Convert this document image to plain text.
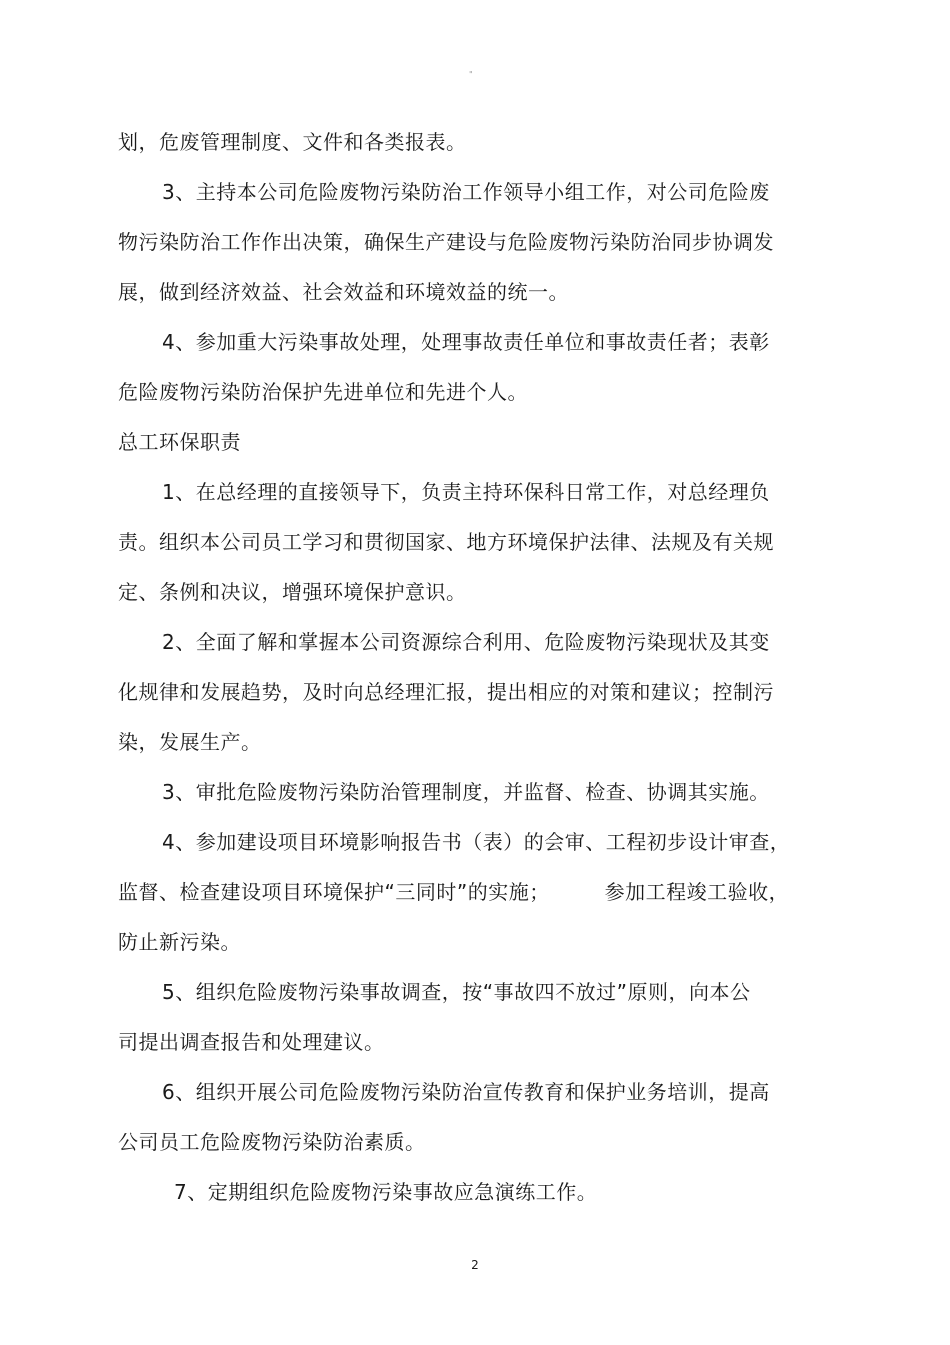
"

划，危废管理制度、文件和各类报表。

3、主持本公司危险废物污染防治工作领导小组工作，对公司危险废

物污染防治工作作出决策，确保生产建设与危险废物污染防治同步协调发

展，做到经济效益、社会效益和环境效益的统一。

4、参加重大污染事故处理，处理事故责任单位和事故责任者；表彰

危险废物污染防治保护先进单位和先进个人。

总工环保职责

1、在总经理的直接领导下，负责主持环保科日常工作，对总经理负

责。组织本公司员工学习和贯彻国家、地方环境保护法律、法规及有关规

定、条例和决议，增强环境保护意识。

2、全面了解和掌握本公司资源综合利用、危险废物污染现状及其变

化规律和发展趋势，及时向总经理汇报，提出相应的对策和建议；控制污

染，发展生产。

3、审批危险废物污染防治管理制度，并监督、检查、协调其实施。

4、参加建设项目环境影响报告书（表）的会审、工程初步设计审查，

监督、检查建设项目环境保护“三同时”的实施；        参加工程竣工验收，

防止新污染。

5、组织危险废物污染事故调查，按“事故四不放过”原则，向本公

司提出调查报告和处理建议。

6、组织开展公司危险废物污染防治宣传教育和保护业务培训，提高

公司员工危险废物污染防治素质。

7、定期组织危险废物污染事故应急演练工作。

2
